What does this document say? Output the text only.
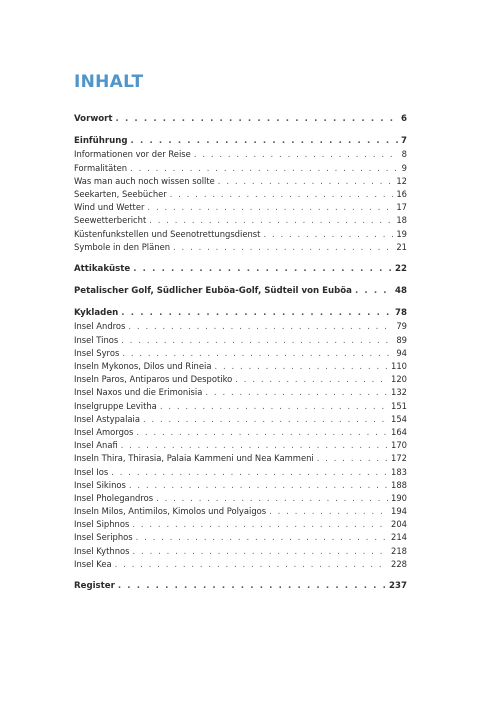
INHALT
Vorwort . . .	6
Einführung . . .	7
Informationen vor der Reise . . .	8
Formalitäten . . .	9
Was man auch noch wissen sollte . . .	12
Seekarten, Seebücher . . .	16
Wind und Wetter . . .	17
Seewetterbericht . . .	18
Küstenfunkstellen und Seenotrettungsdienst . . .	19
Symbole in den Plänen . . .	21
Attikaküste . . .	22
Petalischer Golf, Südlicher Euböa-Golf, Südteil von Euböa . . .	48
Kykladen . . .	78
Insel Andros . . .	79
Insel Tinos . . .	89
Insel Syros . . .	94
Inseln Mykonos, Dilos und Rineia . . .	110
Inseln Paros, Antiparos und Despotiko . . .	120
Insel Naxos und die Erimonisia . . .	132
Inselgruppe Levitha . . .	151
Insel Astypalaia . . .	154
Insel Amorgos . . .	164
Insel Anafi . . .	170
Inseln Thira, Thirasia, Palaia Kammeni und Nea Kammeni . . .	172
Insel Ios . . .	183
Insel Sikinos . . .	188
Insel Pholegandros . . .	190
Inseln Milos, Antimilos, Kimolos und Polyaigos . . .	194
Insel Siphnos . . .	204
Insel Seriphos . . .	214
Insel Kythnos . . .	218
Insel Kea . . .	228
Register . . .	237
